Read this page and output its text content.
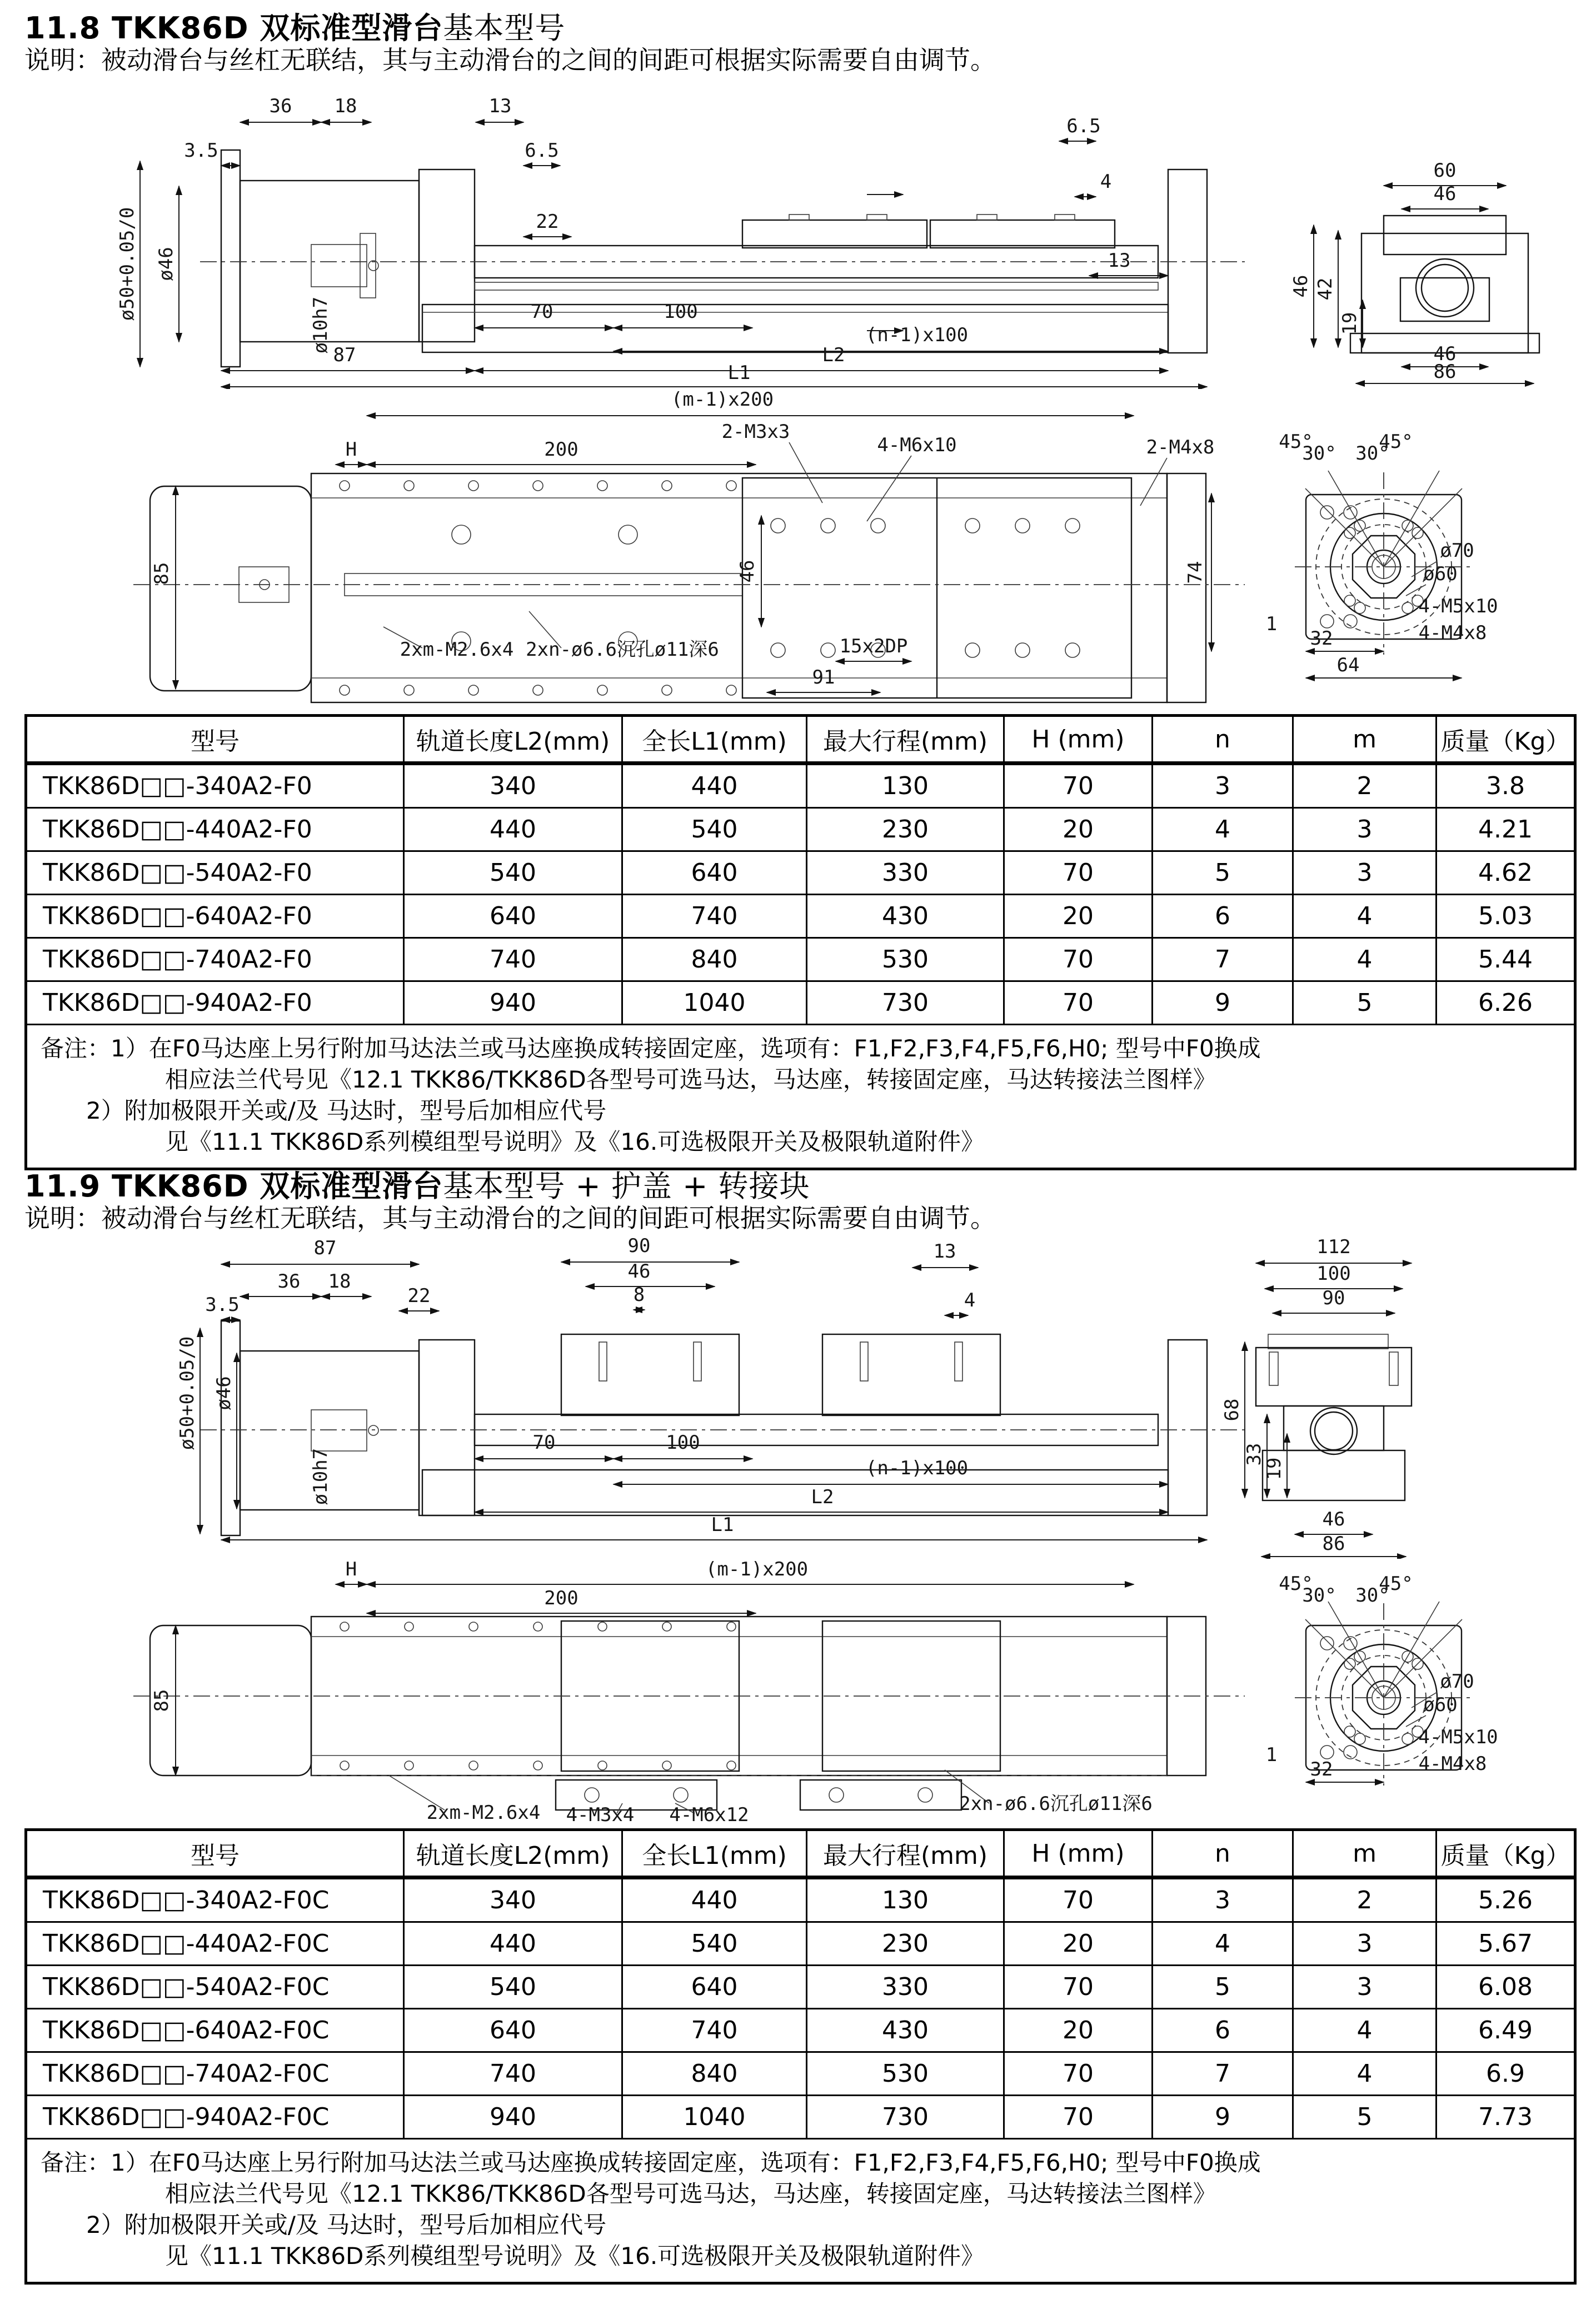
11.8 TKK86D 双标准型滑台基本型号
说明：被动滑台与丝杠无联结，其与主动滑台的之间的间距可根据实际需要自由调节。
36 18	13
3.5	6.5
22
ø50+0.05/0 ø46
ø10h7	70	100
(n-1)x100
87	L2
L1
6.5
4
13
60
46
46 42
19
46
86
(m-1)x200
2-M3x3
H	200	4-M6x10	2-M4x8
85	46	74
2xm-M2.6x4 2xn-ø6.6沉孔ø11深6	15x2DP
91
45°
30° 30°
45°
ø70
ø60
4-M5x10
4-M4x8
1
32
64
型号	轨道长度L2(mm)	全长L1(mm)	最大行程(mm)	H (mm)	n	m	质量（Kg）
TKK86D□□-340A2-F0	340	440	130	70	3	2	3.8
TKK86D□□-440A2-F0	440	540	230	20	4	3	4.21
TKK86D□□-540A2-F0	540	640	330	70	5	3	4.62
TKK86D□□-640A2-F0	640	740	430	20	6	4	5.03
TKK86D□□-740A2-F0	740	840	530	70	7	4	5.44
TKK86D□□-940A2-F0	940	1040	730	70	9	5	6.26

备注：1）在F0马达座上另行附加马达法兰或马达座换成转接固定座，选项有：F1,F2,F3,F4,F5,F6,H0; 型号中F0换成
相应法兰代号见《12.1 TKK86/TKK86D各型号可选马达，马达座，转接固定座，马达转接法兰图样》
2）附加极限开关或/及 马达时，型号后加相应代号
见《11.1 TKK86D系列模组型号说明》及《16.可选极限开关及极限轨道附件》							
11.9 TKK86D 双标准型滑台基本型号 + 护盖 + 转接块
说明：被动滑台与丝杠无联结，其与主动滑台的之间的间距可根据实际需要自由调节。
87
36 18
3.5	22
90
46
8
13
4
ø50+0.05/0 ø46
ø10h7
70	100
(n-1)x100
L2
L1
112
100
90
68
33
19
46
86
H	(m-1)x200
200
85
2xm-M2.6x4 4-M3x4 4-M6x12	2xn-ø6.6沉孔ø11深6
45°
30° 30°
45°
ø70
ø60
4-M5x10
4-M4x8
1
32
型号	轨道长度L2(mm)	全长L1(mm)	最大行程(mm)	H (mm)	n	m	质量（Kg）
TKK86D□□-340A2-F0C	340	440	130	70	3	2	5.26
TKK86D□□-440A2-F0C	440	540	230	20	4	3	5.67
TKK86D□□-540A2-F0C	540	640	330	70	5	3	6.08
TKK86D□□-640A2-F0C	640	740	430	20	6	4	6.49
TKK86D□□-740A2-F0C	740	840	530	70	7	4	6.9
TKK86D□□-940A2-F0C	940	1040	730	70	9	5	7.73

备注：1）在F0马达座上另行附加马达法兰或马达座换成转接固定座，选项有：F1,F2,F3,F4,F5,F6,H0; 型号中F0换成
相应法兰代号见《12.1 TKK86/TKK86D各型号可选马达，马达座，转接固定座，马达转接法兰图样》
2）附加极限开关或/及 马达时，型号后加相应代号
见《11.1 TKK86D系列模组型号说明》及《16.可选极限开关及极限轨道附件》							
